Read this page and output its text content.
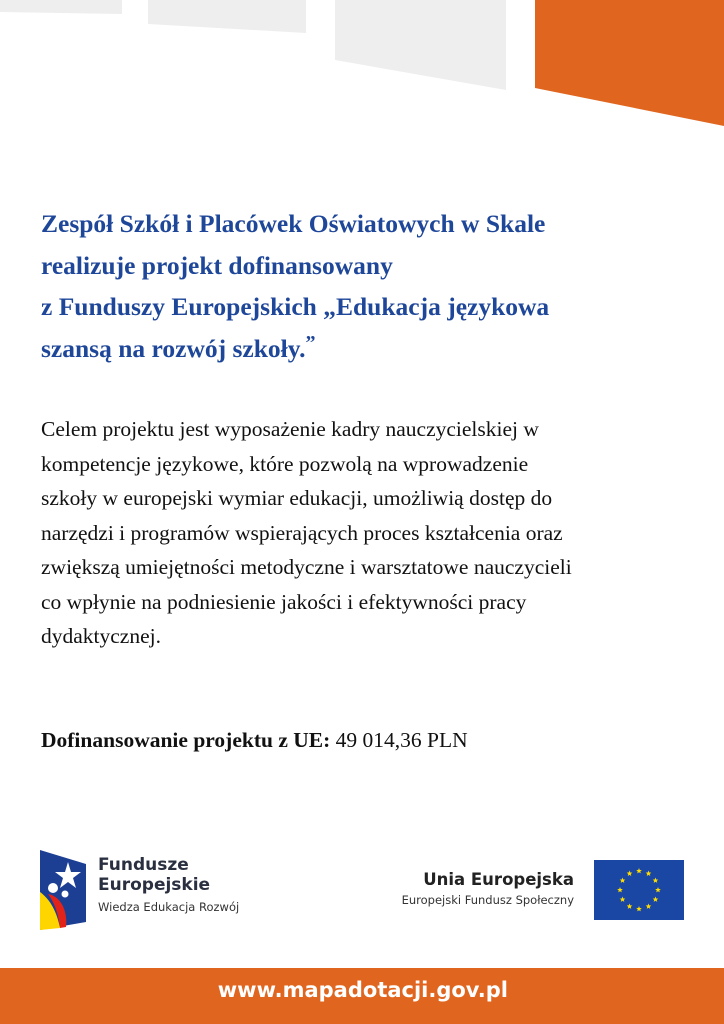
Zespół Szkół i Placówek Oświatowych w Skale
realizuje projekt dofinansowany
z Funduszy Europejskich „Edukacja językowa
szansą na rozwój szkoły.”
Celem projektu jest wyposażenie kadry nauczycielskiej w
kompetencje językowe, które pozwolą na wprowadzenie
szkoły w europejski wymiar edukacji, umożliwią dostęp do
narzędzi i programów wspierających proces kształcenia oraz
zwiększą umiejętności metodyczne i warsztatowe nauczycieli
co wpłynie na podniesienie jakości i efektywności pracy
dydaktycznej.
Dofinansowanie projektu z UE: 49 014,36 PLN
Fundusze
Europejskie
Wiedza Edukacja Rozwój
Unia Europejska
Europejski Fundusz Społeczny
www.mapadotacji.gov.pl
